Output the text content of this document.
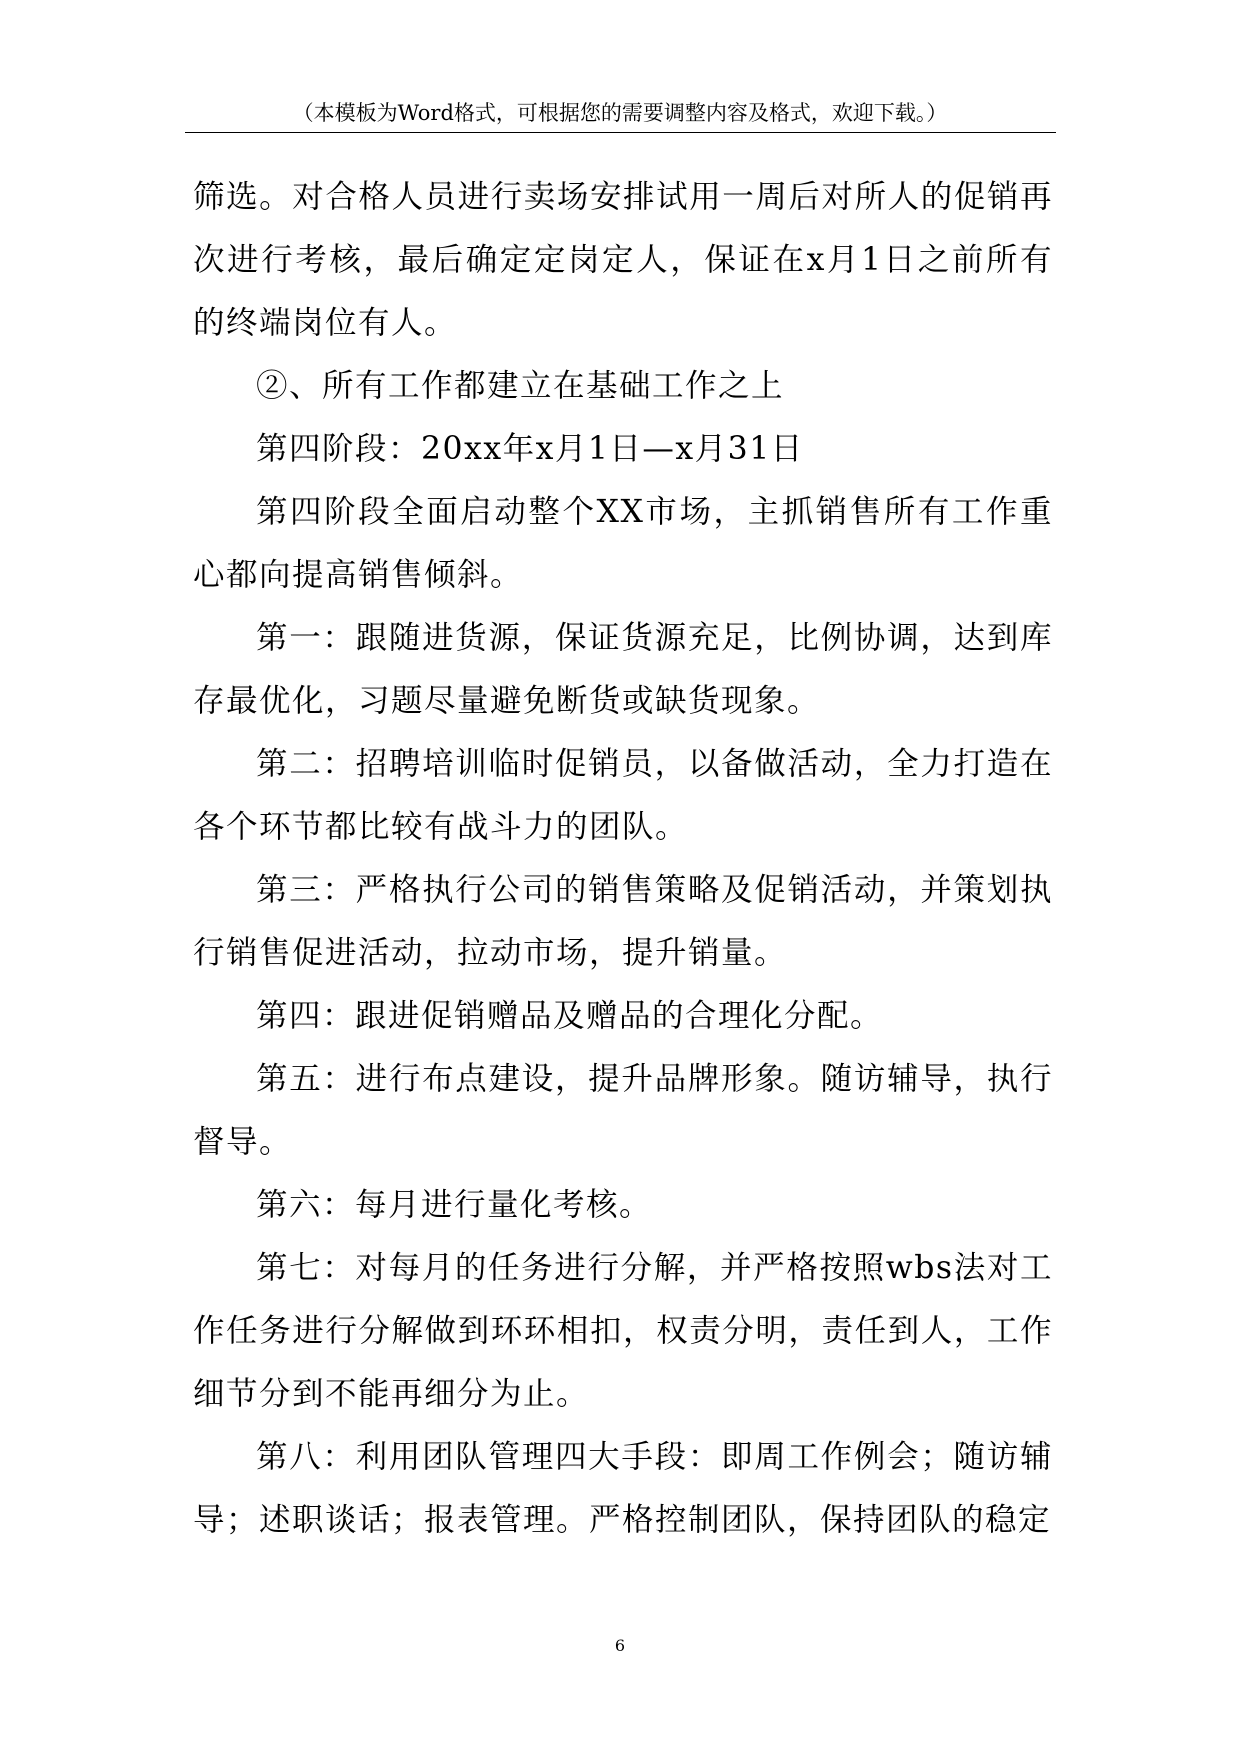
（本模板为Word格式，可根据您的需要调整内容及格式，欢迎下载。）

筛选。对合格人员进行卖场安排试用一周后对所人的促销再次进行考核，最后确定定岗定人，保证在x月1日之前所有的终端岗位有人。

②、所有工作都建立在基础工作之上

第四阶段：20xx年x月1日—x月31日

第四阶段全面启动整个XX市场，主抓销售所有工作重心都向提高销售倾斜。

第一：跟随进货源，保证货源充足，比例协调，达到库存最优化，习题尽量避免断货或缺货现象。

第二：招聘培训临时促销员，以备做活动，全力打造在各个环节都比较有战斗力的团队。

第三：严格执行公司的销售策略及促销活动，并策划执行销售促进活动，拉动市场，提升销量。

第四：跟进促销赠品及赠品的合理化分配。

第五：进行布点建设，提升品牌形象。随访辅导，执行督导。

第六：每月进行量化考核。

第七：对每月的任务进行分解，并严格按照wbs法对工作任务进行分解做到环环相扣，权责分明，责任到人，工作细节分到不能再细分为止。

第八：利用团队管理四大手段：即周工作例会；随访辅导；述职谈话；报表管理。严格控制团队，保持团队的稳定

6
